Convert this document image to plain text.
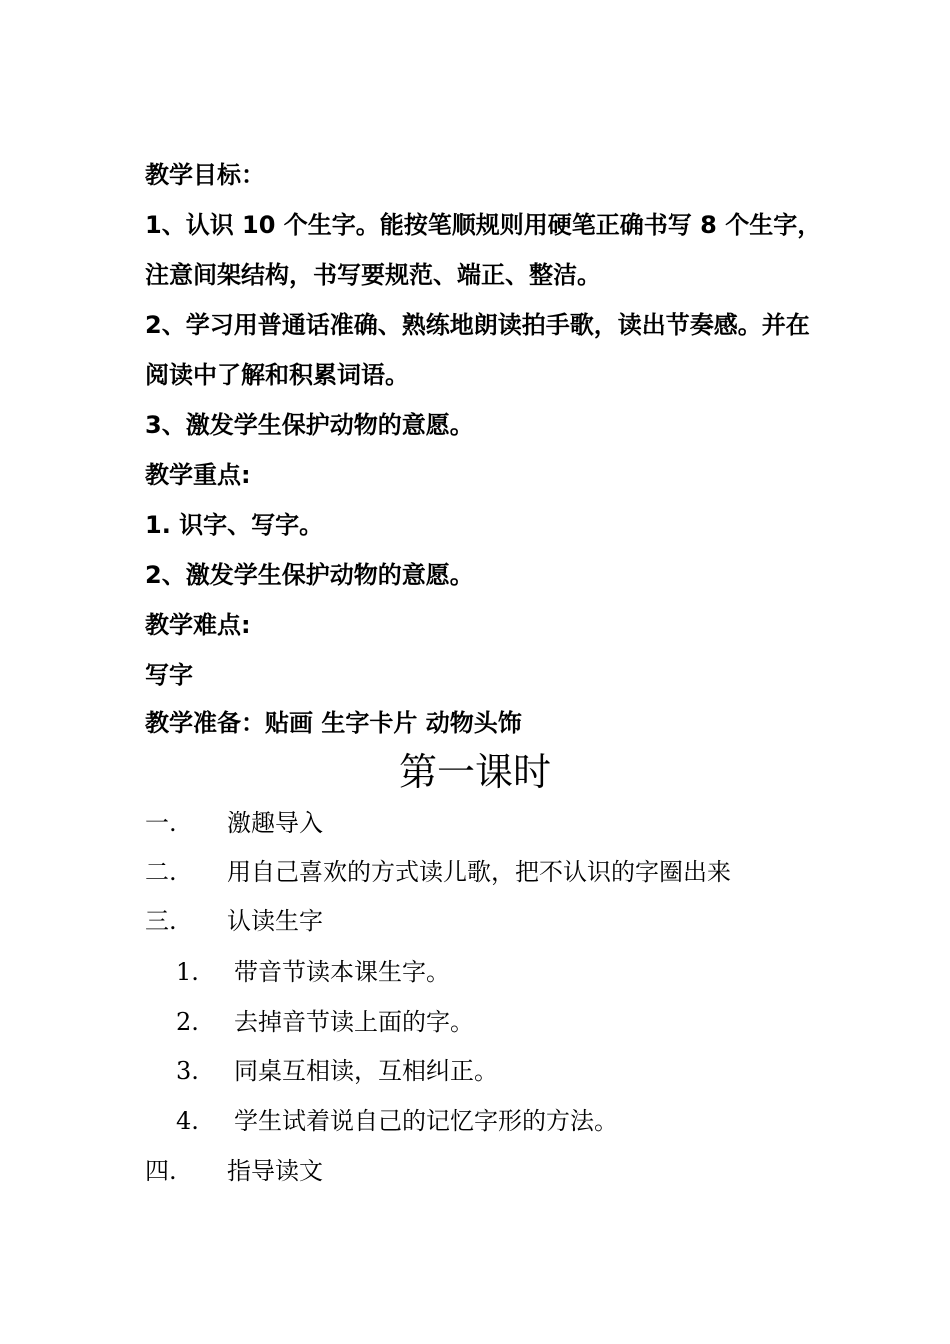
教学目标：
1、认识 10 个生字。能按笔顺规则用硬笔正确书写 8 个生字，
注意间架结构，书写要规范、端正、整洁。
2、学习用普通话准确、熟练地朗读拍手歌，读出节奏感。并在
阅读中了解和积累词语。
3、激发学生保护动物的意愿。
教学重点:
1. 识字、写字。
2、激发学生保护动物的意愿。
教学难点:
写字
教学准备：贴画 生字卡片 动物头饰
第一课时
一. 激趣导入
二. 用自己喜欢的方式读儿歌，把不认识的字圈出来
三. 认读生字
1. 带音节读本课生字。
2. 去掉音节读上面的字。
3. 同桌互相读，互相纠正。
4. 学生试着说自己的记忆字形的方法。
四. 指导读文
